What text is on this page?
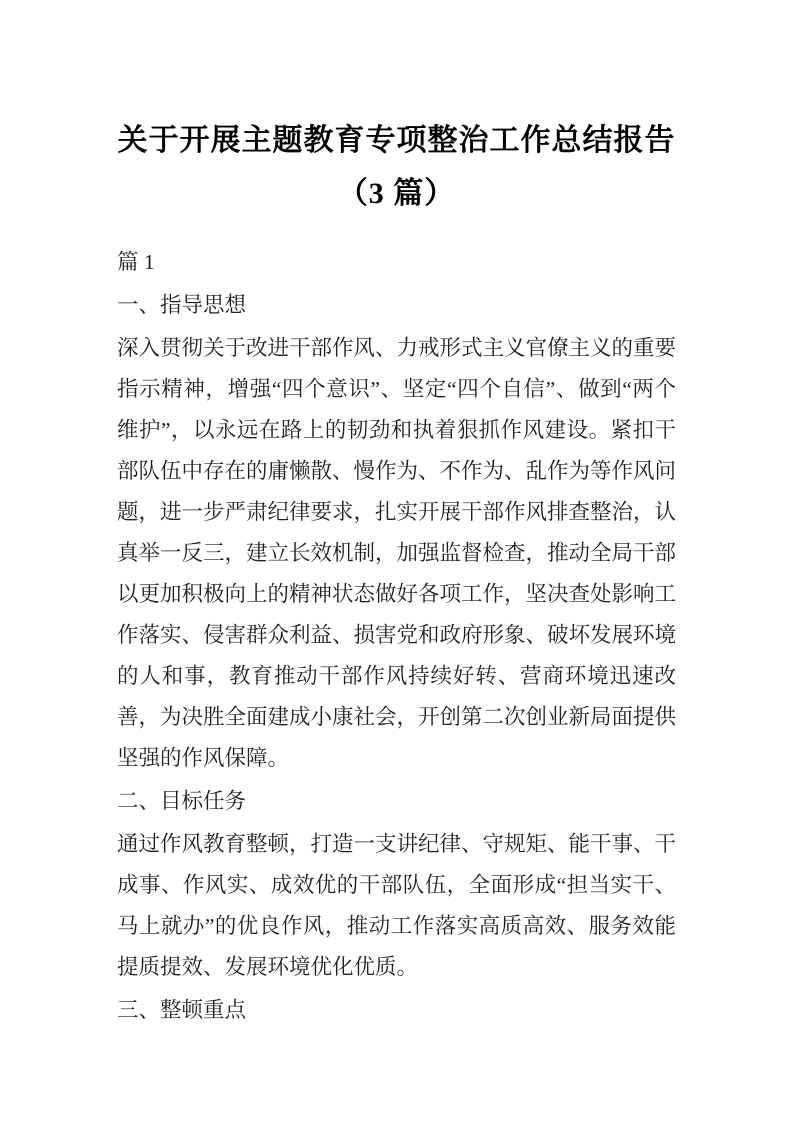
关于开展主题教育专项整治工作总结报告
（3 篇）

篇 1

一、指导思想

深入贯彻关于改进干部作风、力戒形式主义官僚主义的重要指示精神，增强“四个意识”、坚定“四个自信”、做到“两个维护”，以永远在路上的韧劲和执着狠抓作风建设。紧扣干部队伍中存在的庸懒散、慢作为、不作为、乱作为等作风问题，进一步严肃纪律要求，扎实开展干部作风排查整治，认真举一反三，建立长效机制，加强监督检查，推动全局干部以更加积极向上的精神状态做好各项工作，坚决查处影响工作落实、侵害群众利益、损害党和政府形象、破坏发展环境的人和事，教育推动干部作风持续好转、营商环境迅速改善，为决胜全面建成小康社会，开创第二次创业新局面提供坚强的作风保障。

二、目标任务

通过作风教育整顿，打造一支讲纪律、守规矩、能干事、干成事、作风实、成效优的干部队伍，全面形成“担当实干、马上就办”的优良作风，推动工作落实高质高效、服务效能提质提效、发展环境优化优质。

三、整顿重点
